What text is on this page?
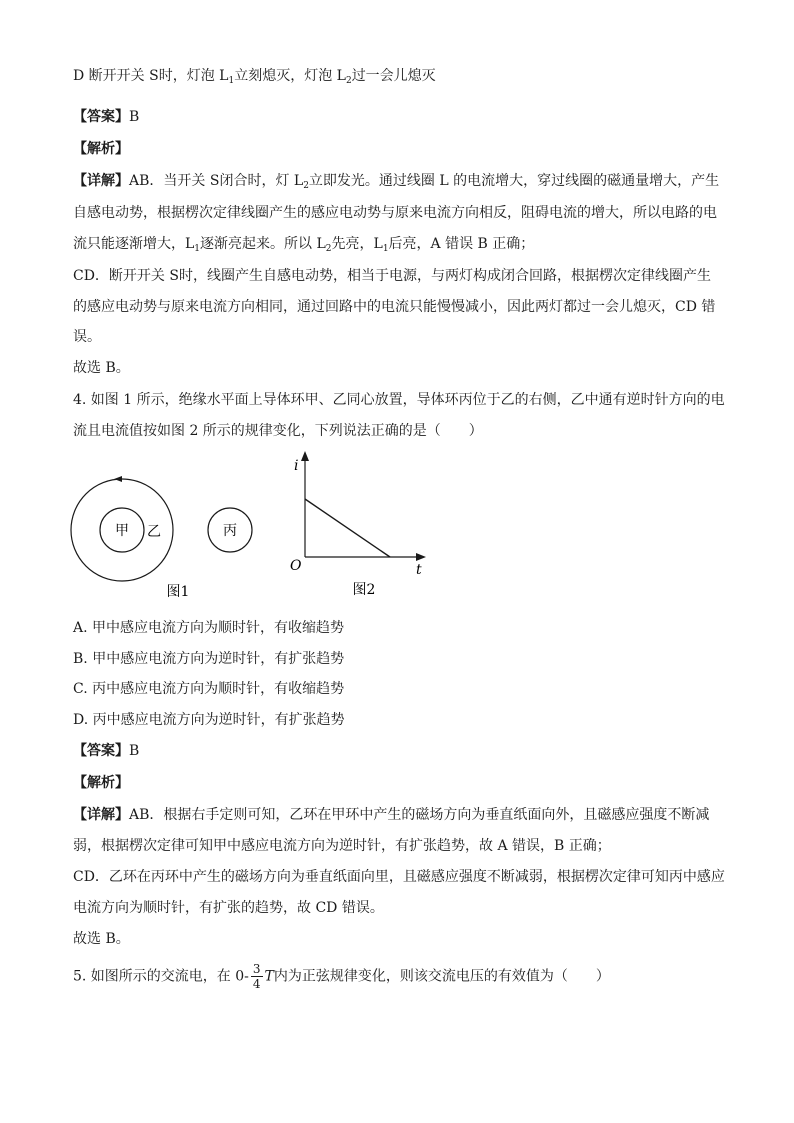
D 断开开关 S时，灯泡 $L_1$立刻熄灭，灯泡 $L_2$过一会儿熄灭
【答案】B
【解析】
【详解】AB．当开关 S闭合时，灯 $L_2$立即发光。通过线圈 L 的电流增大，穿过线圈的磁通量增大，产生
自感电动势，根据楞次定律线圈产生的感应电动势与原来电流方向相反，阻碍电流的增大，所以电路的电
流只能逐渐增大，$L_1$逐渐亮起来。所以 $L_2$先亮，$L_1$后亮，A 错误 B 正确；
CD．断开开关 S时，线圈产生自感电动势，相当于电源，与两灯构成闭合回路，根据楞次定律线圈产生
的感应电动势与原来电流方向相同，通过回路中的电流只能慢慢减小，因此两灯都过一会儿熄灭，CD 错
误。
故选 B。
4. 如图 1 所示，绝缘水平面上导体环甲、乙同心放置，导体环丙位于乙的右侧，乙中通有逆时针方向的电
流且电流值按如图 2 所示的规律变化，下列说法正确的是（　　）
甲 乙	丙
图1
i
t
O
图2
A. 甲中感应电流方向为顺时针，有收缩趋势
B. 甲中感应电流方向为逆时针，有扩张趋势
C. 丙中感应电流方向为顺时针，有收缩趋势
D. 丙中感应电流方向为逆时针，有扩张趋势
【答案】B
【解析】
【详解】AB．根据右手定则可知，乙环在甲环中产生的磁场方向为垂直纸面向外，且磁感应强度不断减
弱，根据楞次定律可知甲中感应电流方向为逆时针，有扩张趋势，故 A 错误，B 正确；
CD．乙环在丙环中产生的磁场方向为垂直纸面向里，且磁感应强度不断减弱，根据楞次定律可知丙中感应
电流方向为顺时针，有扩张的趋势，故 CD 错误。
故选 B。
5. 如图所示的交流电，在 $0- \frac{3}{4}$ T内为正弦规律变化，则该交流电压的有效值为（　　）
